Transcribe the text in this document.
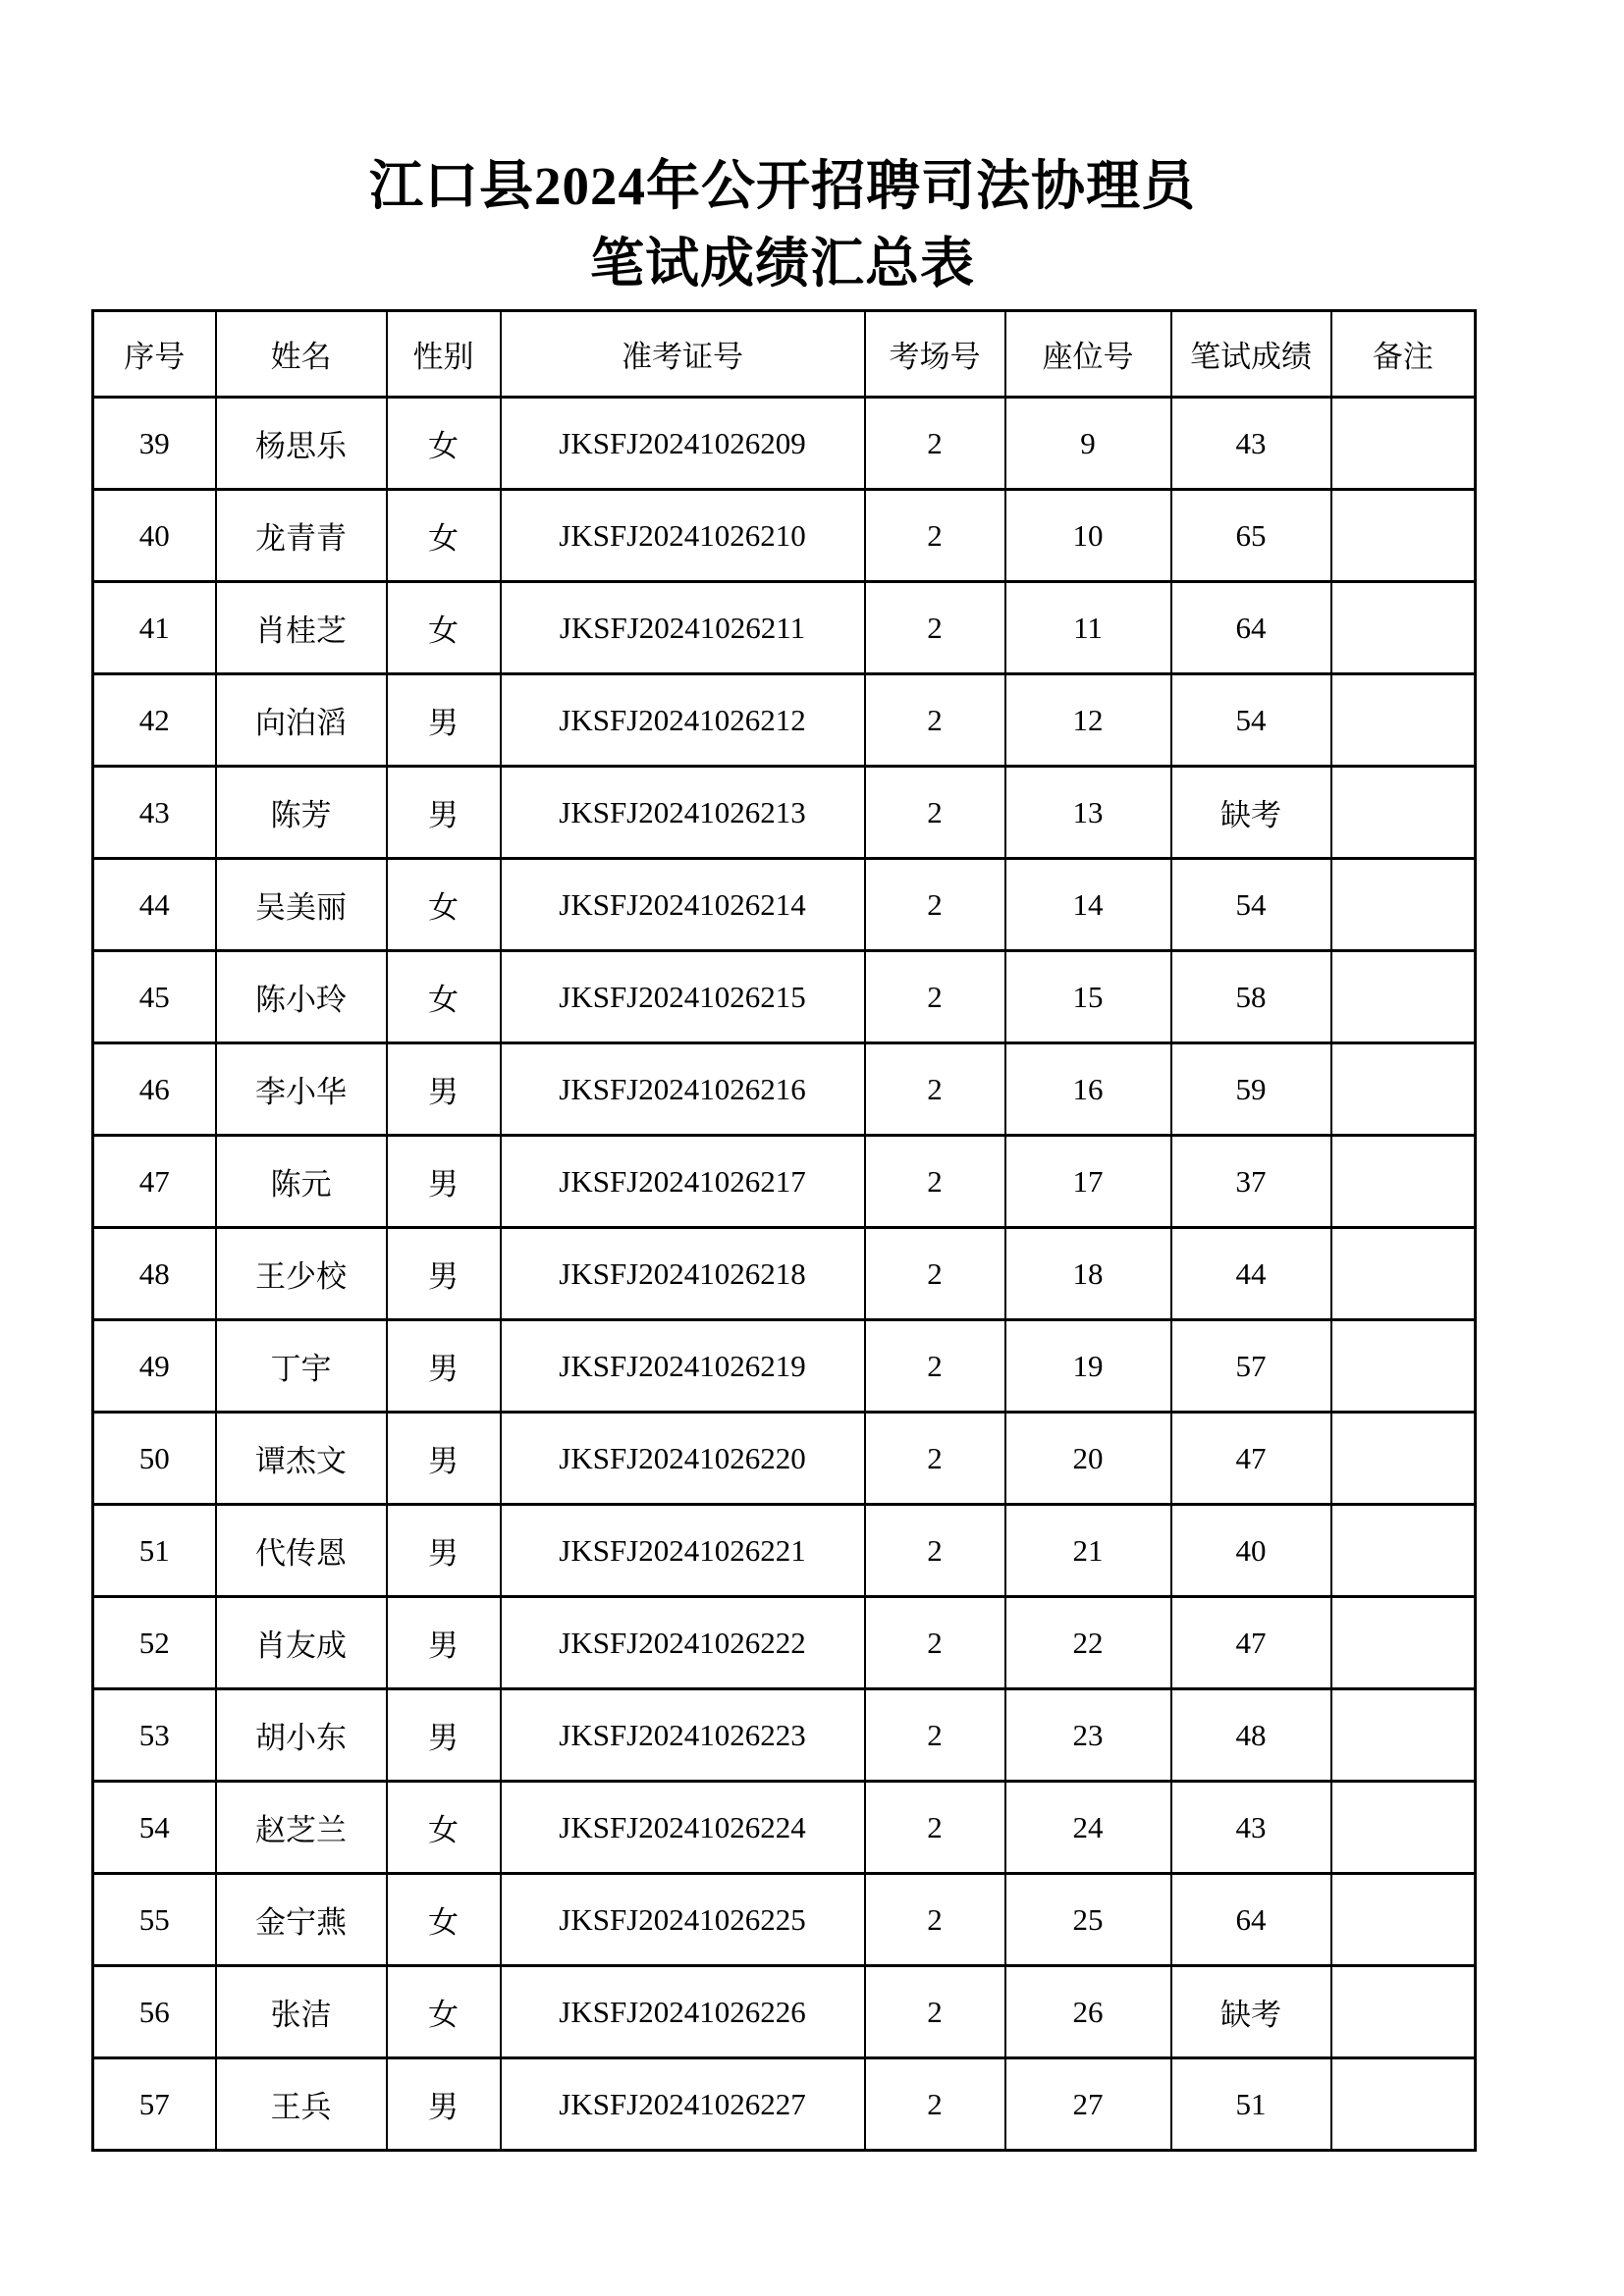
江口县2024年公开招聘司法协理员
笔试成绩汇总表
序号	姓名	性别	准考证号	考场号	座位号	笔试成绩	备注
39	杨思乐	女	JKSFJ20241026209	2	9	43	
40	龙青青	女	JKSFJ20241026210	2	10	65	
41	肖桂芝	女	JKSFJ20241026211	2	11	64	
42	向泊滔	男	JKSFJ20241026212	2	12	54	
43	陈芳	男	JKSFJ20241026213	2	13	缺考	
44	吴美丽	女	JKSFJ20241026214	2	14	54	
45	陈小玲	女	JKSFJ20241026215	2	15	58	
46	李小华	男	JKSFJ20241026216	2	16	59	
47	陈元	男	JKSFJ20241026217	2	17	37	
48	王少校	男	JKSFJ20241026218	2	18	44	
49	丁宇	男	JKSFJ20241026219	2	19	57	
50	谭杰文	男	JKSFJ20241026220	2	20	47	
51	代传恩	男	JKSFJ20241026221	2	21	40	
52	肖友成	男	JKSFJ20241026222	2	22	47	
53	胡小东	男	JKSFJ20241026223	2	23	48	
54	赵芝兰	女	JKSFJ20241026224	2	24	43	
55	金宁燕	女	JKSFJ20241026225	2	25	64	
56	张洁	女	JKSFJ20241026226	2	26	缺考	
57	王兵	男	JKSFJ20241026227	2	27	51	
